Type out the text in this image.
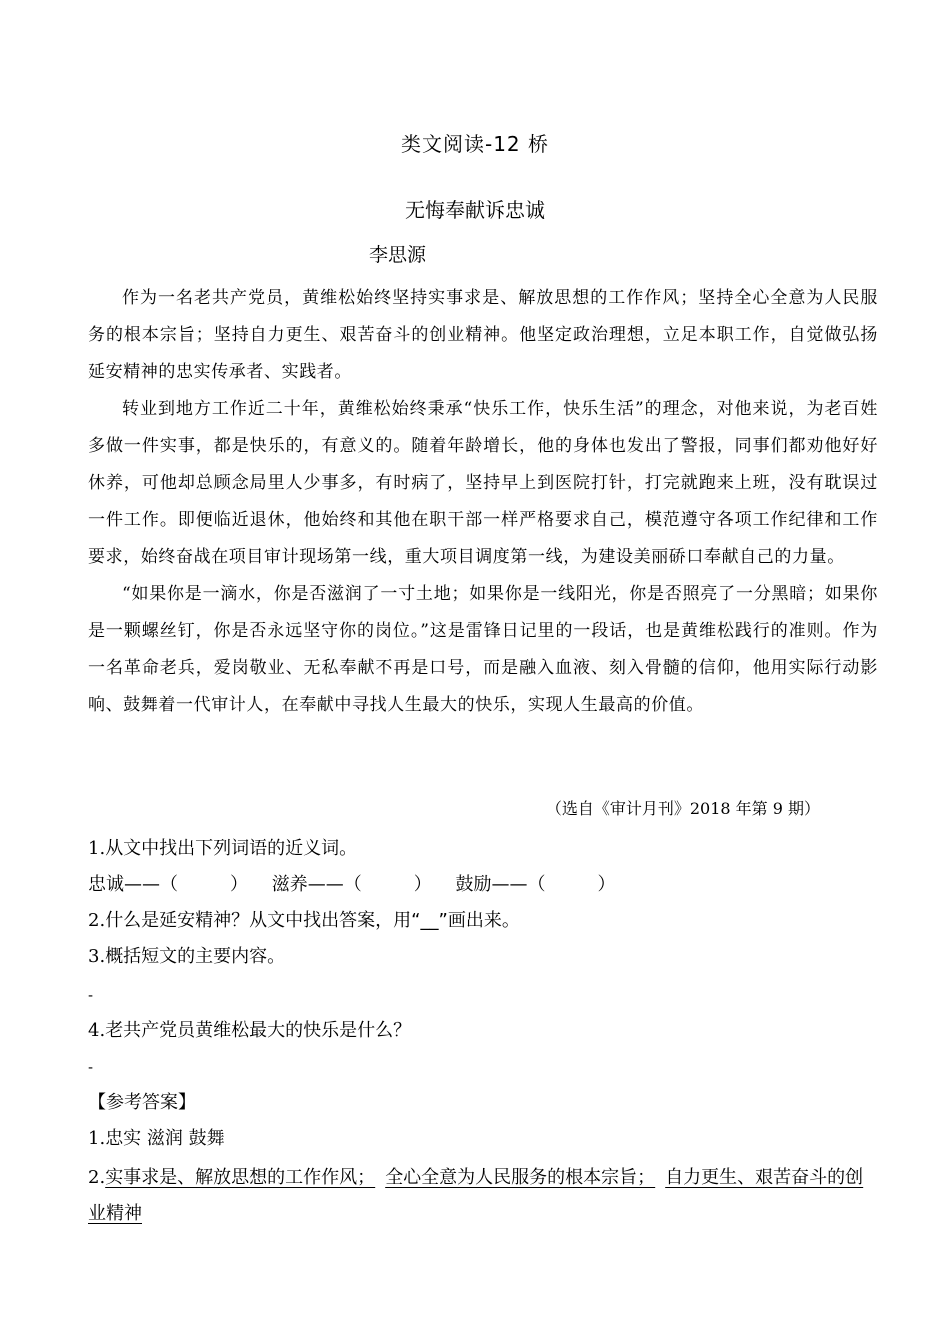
类文阅读-12 桥
无悔奉献诉忠诚
李思源

作为一名老共产党员，黄维松始终坚持实事求是、解放思想的工作作风；坚持全心全意为人民服务的根本宗旨；坚持自力更生、艰苦奋斗的创业精神。他坚定政治理想，立足本职工作，自觉做弘扬延安精神的忠实传承者、实践者。

转业到地方工作近二十年，黄维松始终秉承“快乐工作，快乐生活”的理念，对他来说，为老百姓多做一件实事，都是快乐的，有意义的。随着年龄增长，他的身体也发出了警报，同事们都劝他好好休养，可他却总顾念局里人少事多，有时病了，坚持早上到医院打针，打完就跑来上班，没有耽误过一件工作。即便临近退休，他始终和其他在职干部一样严格要求自己，模范遵守各项工作纪律和工作要求，始终奋战在项目审计现场第一线，重大项目调度第一线，为建设美丽硚口奉献自己的力量。

“如果你是一滴水，你是否滋润了一寸土地；如果你是一线阳光，你是否照亮了一分黑暗；如果你是一颗螺丝钉，你是否永远坚守你的岗位。”这是雷锋日记里的一段话，也是黄维松践行的准则。作为一名革命老兵，爱岗敬业、无私奉献不再是口号，而是融入血液、刻入骨髓的信仰，他用实际行动影响、鼓舞着一代审计人，在奉献中寻找人生最大的快乐，实现人生最高的价值。

（选自《审计月刊》2018 年第 9 期）
1.从文中找出下列词语的近义词。
忠诚——（	） 滋养——（	） 鼓励——（	）
2.什么是延安精神？从文中找出答案，用“__”画出来。
3.概括短文的主要内容。
-
4.老共产党员黄维松最大的快乐是什么？
-
【参考答案】
1.忠实 滋润 鼓舞
2.实事求是、解放思想的工作作风； 全心全意为人民服务的根本宗旨； 自力更生、艰苦奋斗的创业精神
